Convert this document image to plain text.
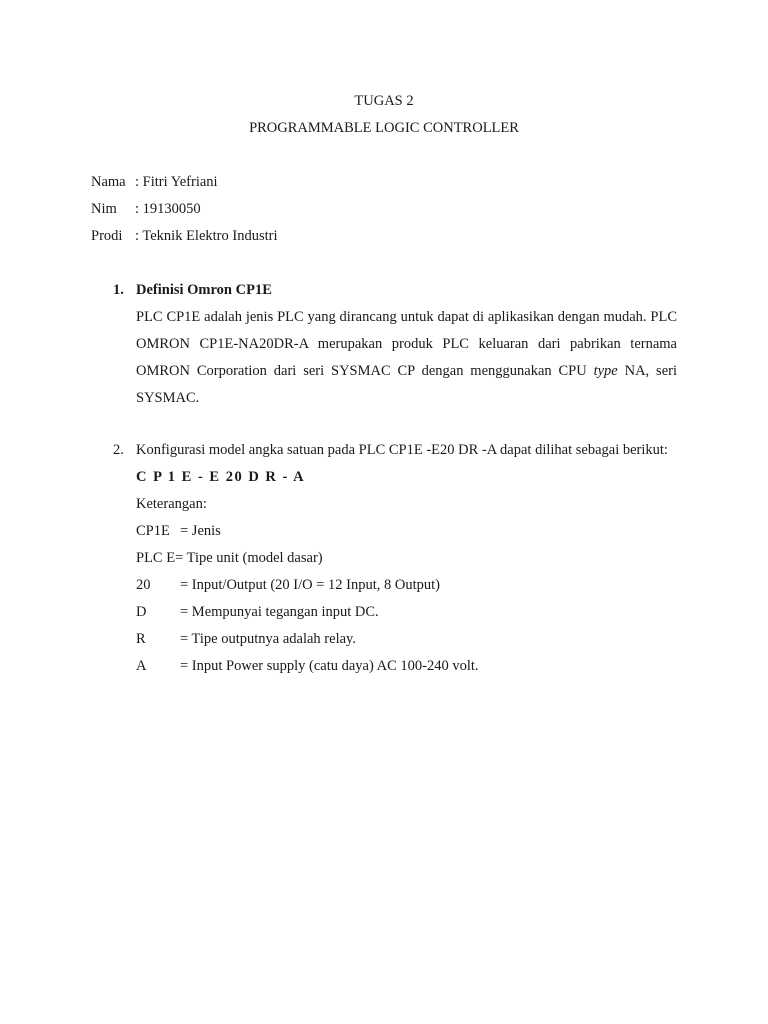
TUGAS 2
PROGRAMMABLE LOGIC CONTROLLER
Nama : Fitri Yefriani
Nim	: 19130050
Prodi : Teknik Elektro Industri
1. Definisi Omron CP1E
PLC CP1E adalah jenis PLC yang dirancang untuk dapat di aplikasikan dengan mudah. PLC OMRON CP1E-NA20DR-A merupakan produk PLC keluaran dari pabrikan ternama OMRON Corporation dari seri SYSMAC CP dengan menggunakan CPU type NA, seri SYSMAC.
2. Konfigurasi model angka satuan pada PLC CP1E -E20 DR -A dapat dilihat sebagai berikut:
C P 1 E - E 20 D R - A
Keterangan:
CP1E = Jenis
PLC E = Tipe unit (model dasar)
20	= Input/Output (20 I/O = 12 Input, 8 Output)
D	= Mempunyai tegangan input DC.
R	= Tipe outputnya adalah relay.
A	= Input Power supply (catu daya) AC 100-240 volt.
